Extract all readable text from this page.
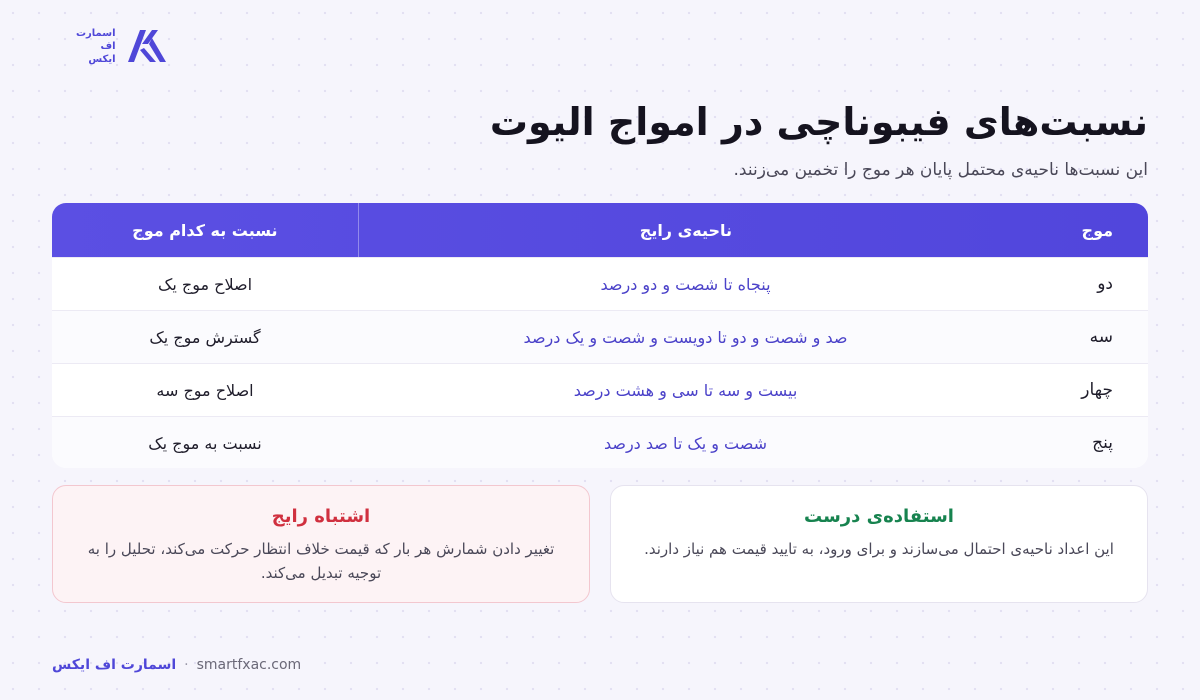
اسمارت
اف
ایکس
نسبت‌های فیبوناچی در امواج الیوت

این نسبت‌ها ناحیه‌ی محتمل پایان هر موج را تخمین می‌زنند.

موج
ناحیه‌ی رایج
نسبت به کدام موج
دو
پنجاه تا شصت و دو درصد
اصلاح موج یک
سه
صد و شصت و دو تا دویست و شصت و یک درصد
گسترش موج یک
چهار
بیست و سه تا سی و هشت درصد
اصلاح موج سه
پنج
شصت و یک تا صد درصد
نسبت به موج یک

استفاده‌ی درست

این اعداد ناحیه‌ی احتمال می‌سازند و برای ورود، به تایید قیمت هم نیاز دارند.

اشتباه رایج

تغییر دادن شمارش هر بار که قیمت خلاف انتظار حرکت می‌کند، تحلیل را به توجیه تبدیل می‌کند.

اسمارت اف ایکس · smartfxac.com
